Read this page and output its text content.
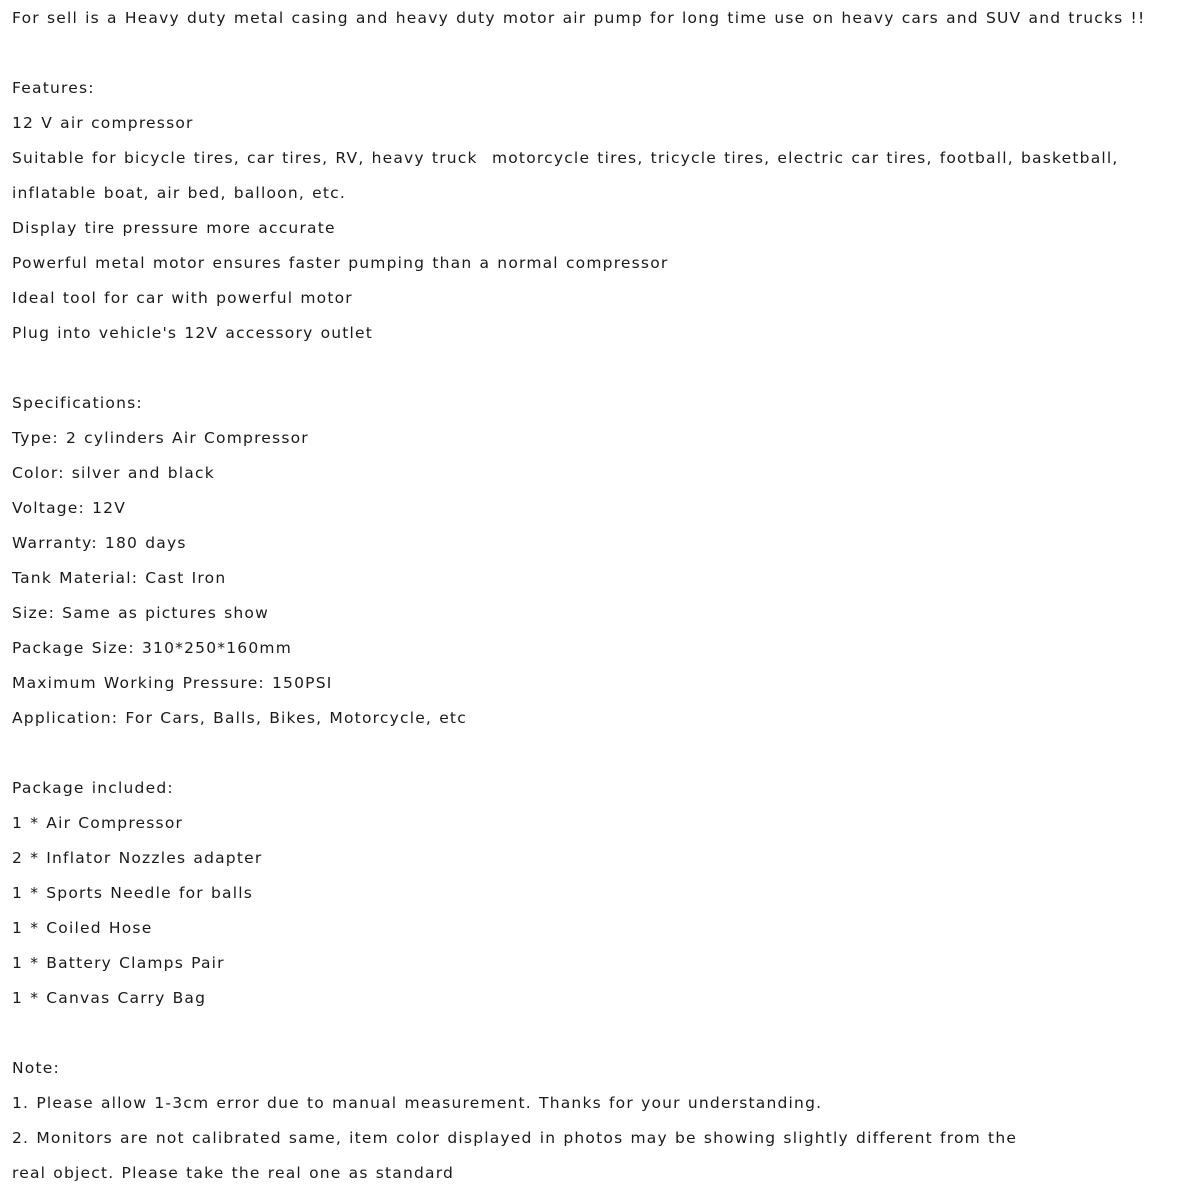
For sell is a Heavy duty metal casing and heavy duty motor air pump for long time use on heavy cars and SUV and trucks !!

Features:

12 V air compressor

Suitable for bicycle tires, car tires, RV, heavy truck  motorcycle tires, tricycle tires, electric car tires, football, basketball,

inflatable boat, air bed, balloon, etc.

Display tire pressure more accurate

Powerful metal motor ensures faster pumping than a normal compressor

Ideal tool for car with powerful motor

Plug into vehicle's 12V accessory outlet

Specifications:

Type: 2 cylinders Air Compressor

Color: silver and black

Voltage: 12V

Warranty: 180 days

Tank Material: Cast Iron

Size: Same as pictures show

Package Size: 310*250*160mm

Maximum Working Pressure: 150PSI

Application: For Cars, Balls, Bikes, Motorcycle, etc

Package included:

1 * Air Compressor

2 * Inflator Nozzles adapter

1 * Sports Needle for balls

1 * Coiled Hose

1 * Battery Clamps Pair

1 * Canvas Carry Bag

Note:

1. Please allow 1-3cm error due to manual measurement. Thanks for your understanding.

2. Monitors are not calibrated same, item color displayed in photos may be showing slightly different from the

real object. Please take the real one as standard
